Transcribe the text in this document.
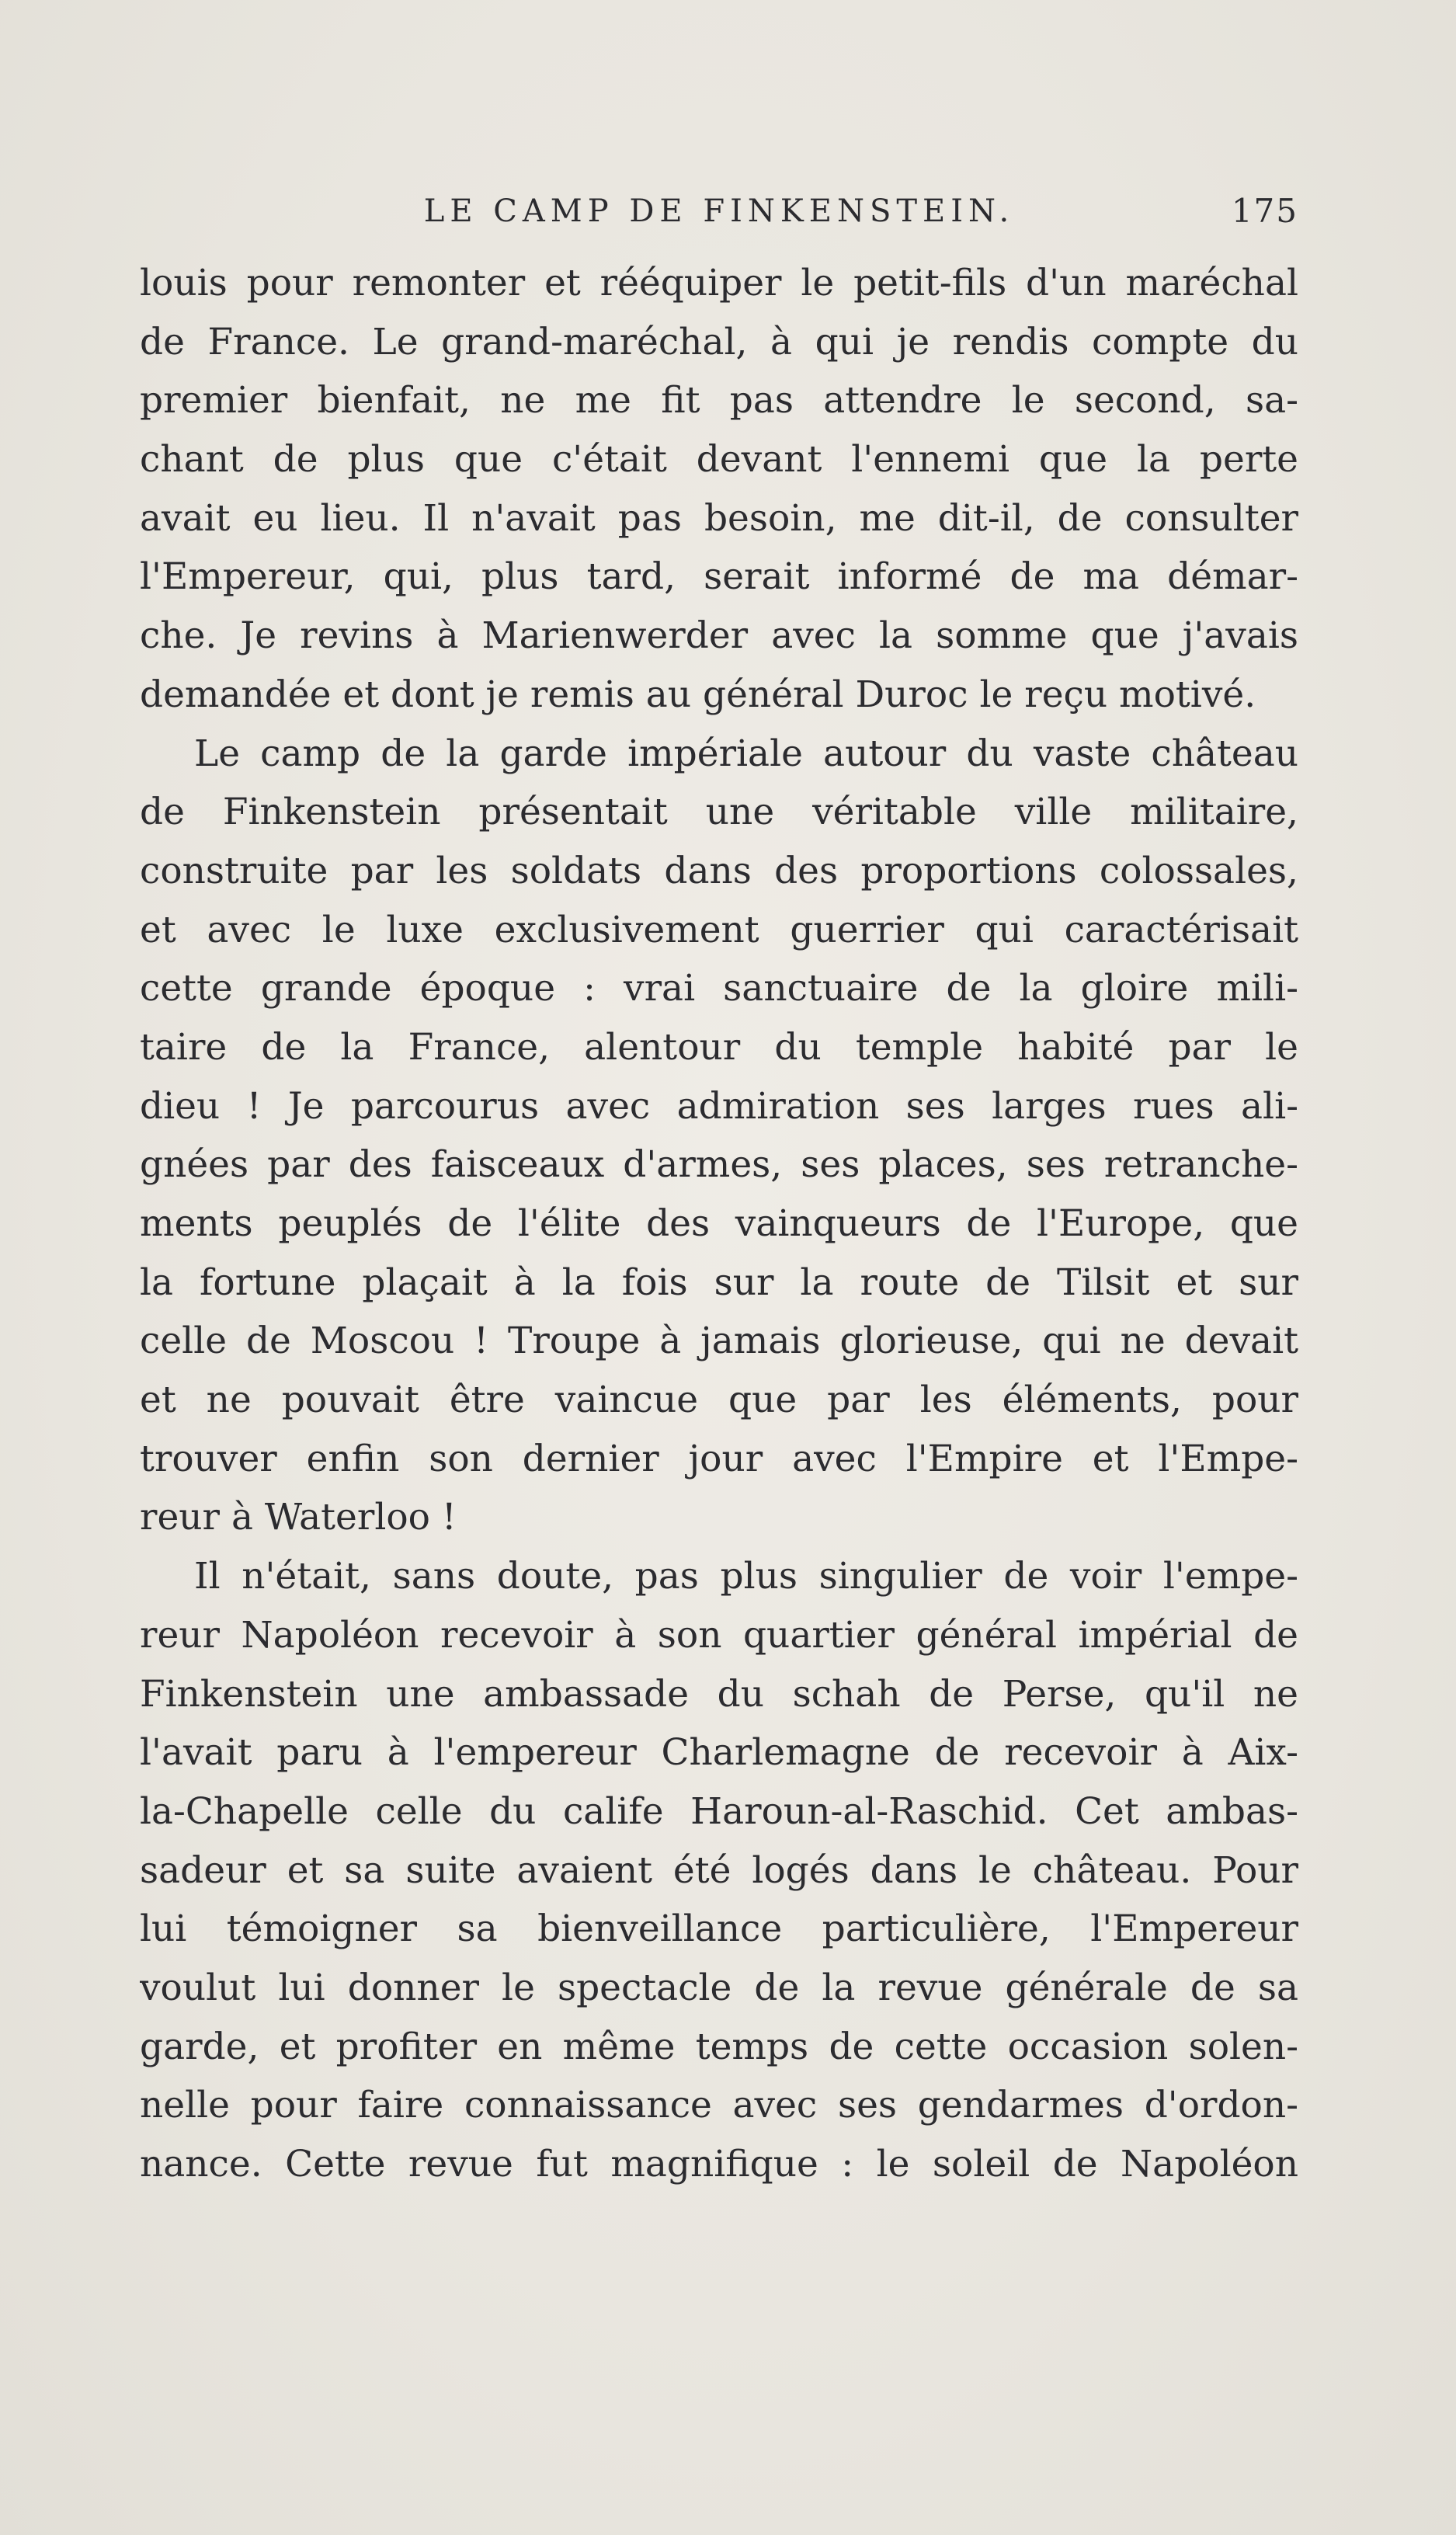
LE CAMP DE FINKENSTEIN.	175
louis pour remonter et rééquiper le petit-fils d'un maréchal
de France. Le grand-maréchal, à qui je rendis compte du
premier bienfait, ne me fit pas attendre le second, sa-
chant de plus que c'était devant l'ennemi que la perte
avait eu lieu. Il n'avait pas besoin, me dit-il, de consulter
l'Empereur, qui, plus tard, serait informé de ma démar-
che. Je revins à Marienwerder avec la somme que j'avais
demandée et dont je remis au général Duroc le reçu motivé.
Le camp de la garde impériale autour du vaste château
de Finkenstein présentait une véritable ville militaire,
construite par les soldats dans des proportions colossales,
et avec le luxe exclusivement guerrier qui caractérisait
cette grande époque : vrai sanctuaire de la gloire mili-
taire de la France, alentour du temple habité par le
dieu ! Je parcourus avec admiration ses larges rues ali-
gnées par des faisceaux d'armes, ses places, ses retranche-
ments peuplés de l'élite des vainqueurs de l'Europe, que
la fortune plaçait à la fois sur la route de Tilsit et sur
celle de Moscou ! Troupe à jamais glorieuse, qui ne devait
et ne pouvait être vaincue que par les éléments, pour
trouver enfin son dernier jour avec l'Empire et l'Empe-
reur à Waterloo !
Il n'était, sans doute, pas plus singulier de voir l'empe-
reur Napoléon recevoir à son quartier général impérial de
Finkenstein une ambassade du schah de Perse, qu'il ne
l'avait paru à l'empereur Charlemagne de recevoir à Aix-
la-Chapelle celle du calife Haroun-al-Raschid. Cet ambas-
sadeur et sa suite avaient été logés dans le château. Pour
lui témoigner sa bienveillance particulière, l'Empereur
voulut lui donner le spectacle de la revue générale de sa
garde, et profiter en même temps de cette occasion solen-
nelle pour faire connaissance avec ses gendarmes d'ordon-
nance. Cette revue fut magnifique : le soleil de Napoléon
